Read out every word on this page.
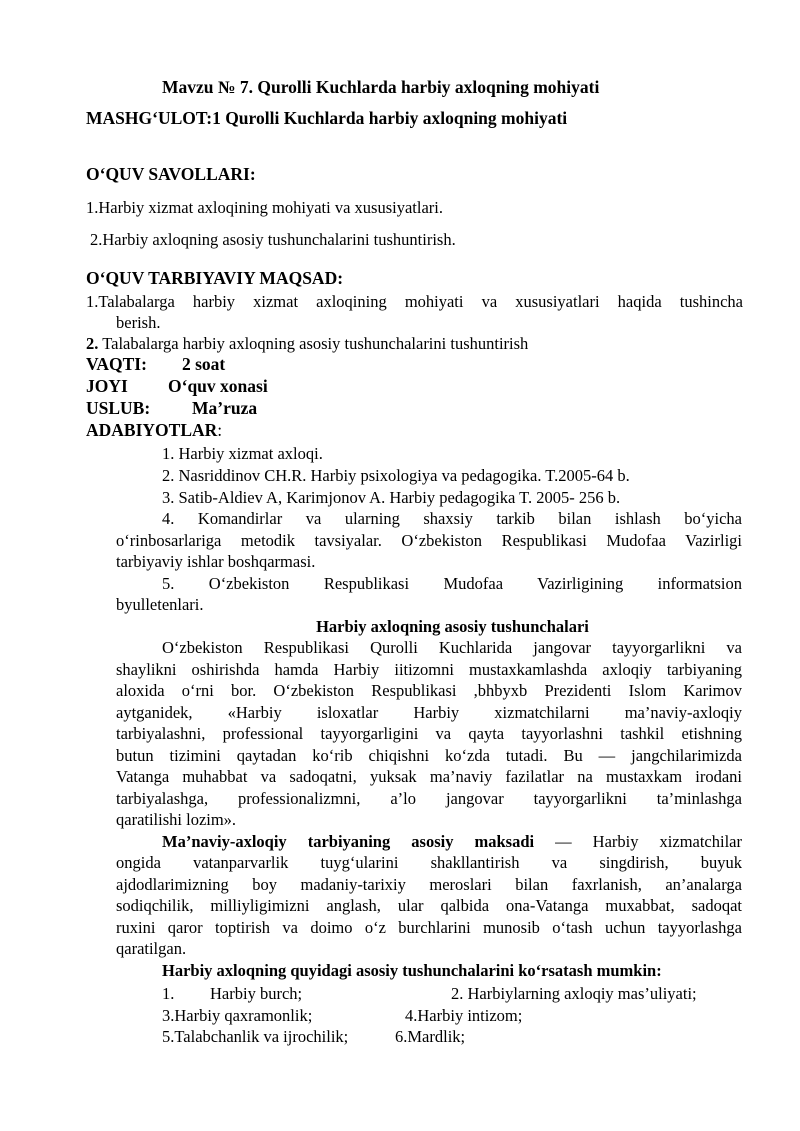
Mavzu № 7. Qurolli Kuchlarda harbiy axloqning mohiyati
MASHG‘ULOT:1 Qurolli Kuchlarda harbiy axloqning mohiyati
O‘QUV SAVOLLARI:
1.Harbiy xizmat axloqining mohiyati va xususiyatlari.
2.Harbiy axloqning asosiy tushunchalarini tushuntirish.
O‘QUV TARBIYAVIY MAQSAD:
1.Talabalarga harbiy xizmat axloqining mohiyati va xususiyatlari haqida tushincha
berish.
2. Talabalarga harbiy axloqning asosiy tushunchalarini tushuntirish
VAQTI: 2 soat
JOYI O‘quv xonasi
USLUB: Ma’ruza
ADABIYOTLAR:
1. Harbiy xizmat axloqi.
2. Nasriddinov CH.R. Harbiy psixologiya va pedagogika. T.2005-64 b.
3. Satib-Aldiev A, Karimjonov A. Harbiy pedagogika T. 2005- 256 b.
4. Komandirlar va ularning shaxsiy tarkib bilan ishlash bo‘yicha
o‘rinbosarlariga metodik tavsiyalar. O‘zbekiston Respublikasi Mudofaa Vazirligi
tarbiyaviy ishlar boshqarmasi.
5. O‘zbekiston Respublikasi Mudofaa Vazirligining informatsion
byulletenlari.
Harbiy axloqning asosiy tushunchalari
O‘zbekiston Respublikasi Qurolli Kuchlarida jangovar tayyorgarlikni va
shaylikni oshirishda hamda Harbiy iitizomni mustaxkamlashda axloqiy tarbiyaning
aloxida o‘rni bor. O‘zbekiston Respublikasi ,bhbyxb Prezidenti Islom Karimov
aytganidek, «Harbiy isloxatlar Harbiy xizmatchilarni ma’naviy-axloqiy
tarbiyalashni, professional tayyorgarligini va qayta tayyorlashni tashkil etishning
butun tizimini qaytadan ko‘rib chiqishni ko‘zda tutadi. Bu — jangchilarimizda
Vatanga muhabbat va sadoqatni, yuksak ma’naviy fazilatlar na mustaxkam irodani
tarbiyalashga, professionalizmni, a’lo jangovar tayyorgarlikni ta’minlashga
qaratilishi lozim».
Ma’naviy-axloqiy tarbiyaning asosiy maksadi — Harbiy xizmatchilar
ongida vatanparvarlik tuyg‘ularini shakllantirish va singdirish, buyuk
ajdodlarimizning boy madaniy-tarixiy meroslari bilan faxrlanish, an’analarga
sodiqchilik, milliyligimizni anglash, ular qalbida ona-Vatanga muxabbat, sadoqat
ruxini qaror toptirish va doimo o‘z burchlarini munosib o‘tash uchun tayyorlashga
qaratilgan.
Harbiy axloqning quyidagi asosiy tushunchalarini ko‘rsatash mumkin:
1. Harbiy burch;	2. Harbiylarning axloqiy mas’uliyati;
3.Harbiy qaxramonlik;	4.Harbiy intizom;
5.Talabchanlik va ijrochilik;	6.Mardlik;
